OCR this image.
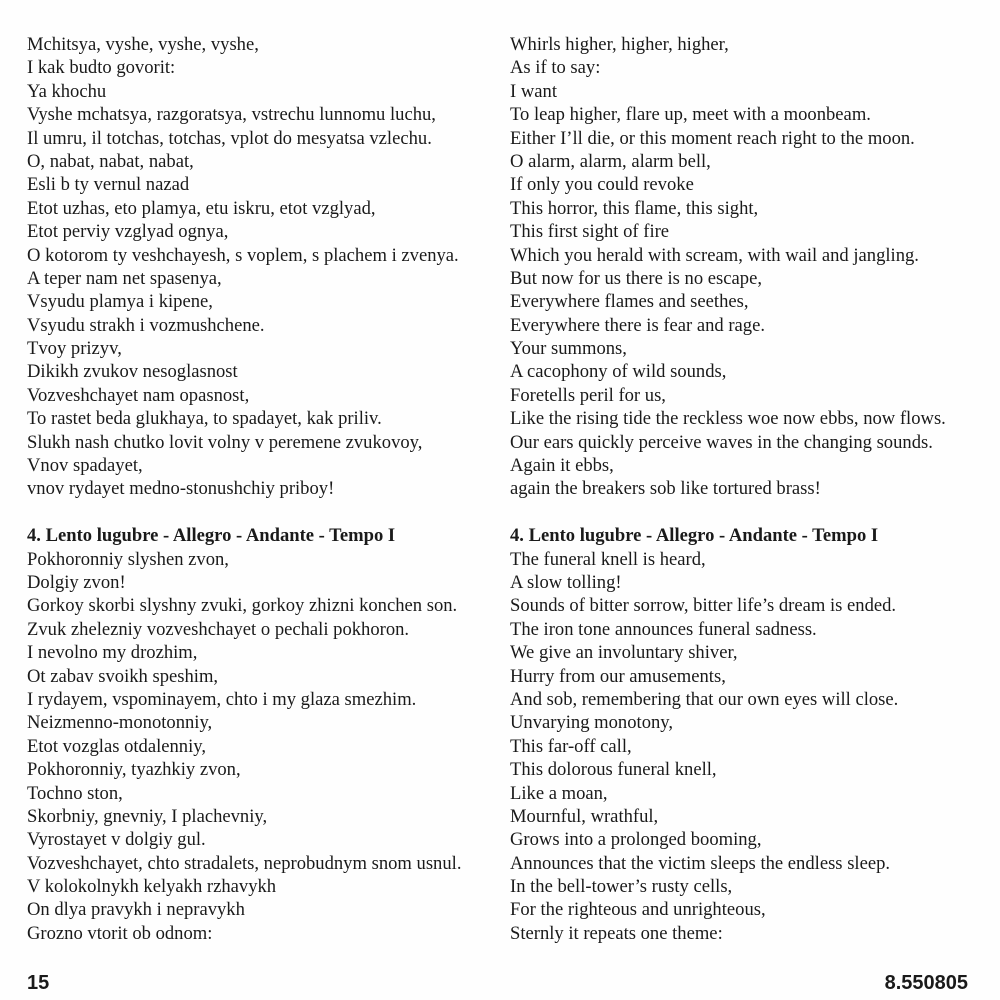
Mchitsya, vyshe, vyshe, vyshe,
I kak budto govorit:
Ya khochu
Vyshe mchatsya, razgoratsya, vstrechu lunnomu luchu,
Il umru, il totchas, totchas, vplot do mesyatsa vzlechu.
O, nabat, nabat, nabat,
Esli b ty vernul nazad
Etot uzhas, eto plamya, etu iskru, etot vzglyad,
Etot perviy vzglyad ognya,
O kotorom ty veshchayesh, s voplem, s plachem i zvenya.
A teper nam net spasenya,
Vsyudu plamya i kipene,
Vsyudu strakh i vozmushchene.
Tvoy prizyv,
Dikikh zvukov nesoglasnost
Vozveshchayet nam opasnost,
To rastet beda glukhaya, to spadayet, kak priliv.
Slukh nash chutko lovit volny v peremene zvukovoy,
Vnov spadayet,
vnov rydayet medno-stonushchiy priboy!
4. Lento lugubre - Allegro - Andante - Tempo I
Pokhoronniy slyshen zvon,
Dolgiy zvon!
Gorkoy skorbi slyshny zvuki, gorkoy zhizni konchen son.
Zvuk zhelezniy vozveshchayet o pechali pokhoron.
I nevolno my drozhim,
Ot zabav svoikh speshim,
I rydayem, vspominayem, chto i my glaza smezhim.
Neizmenno-monotonniy,
Etot vozglas otdalenniy,
Pokhoronniy, tyazhkiy zvon,
Tochno ston,
Skorbniy, gnevniy, I plachevniy,
Vyrostayet v dolgiy gul.
Vozveshchayet, chto stradalets, neprobudnym snom usnul.
V kolokolnykh kelyakh rzhavykh
On dlya pravykh i nepravykh
Grozno vtorit ob odnom:
Whirls higher, higher, higher,
As if to say:
I want
To leap higher, flare up, meet with a moonbeam.
Either I’ll die, or this moment reach right to the moon.
O alarm, alarm, alarm bell,
If only you could revoke
This horror, this flame, this sight,
This first sight of fire
Which you herald with scream, with wail and jangling.
But now for us there is no escape,
Everywhere flames and seethes,
Everywhere there is fear and rage.
Your summons,
A cacophony of wild sounds,
Foretells peril for us,
Like the rising tide the reckless woe now ebbs, now flows.
Our ears quickly perceive waves in the changing sounds.
Again it ebbs,
again the breakers sob like tortured brass!
4. Lento lugubre - Allegro - Andante - Tempo I
The funeral knell is heard,
A slow tolling!
Sounds of bitter sorrow, bitter life’s dream is ended.
The iron tone announces funeral sadness.
We give an involuntary shiver,
Hurry from our amusements,
And sob, remembering that our own eyes will close.
Unvarying monotony,
This far-off call,
This dolorous funeral knell,
Like a moan,
Mournful, wrathful,
Grows into a prolonged booming,
Announces that the victim sleeps the endless sleep.
In the bell-tower’s rusty cells,
For the righteous and unrighteous,
Sternly it repeats one theme:
15	8.550805
